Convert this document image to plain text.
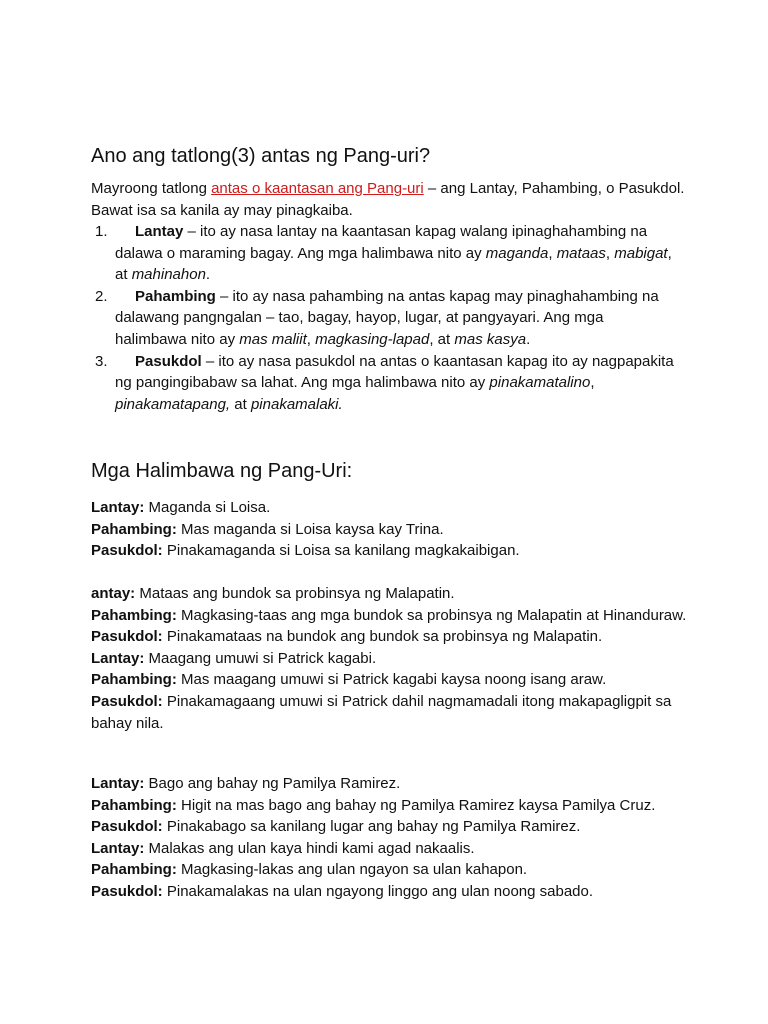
Ano ang tatlong(3) antas ng Pang-uri?
Mayroong tatlong antas o kaantasan ang Pang-uri – ang Lantay, Pahambing, o Pasukdol. Bawat isa sa kanila ay may pinagkaiba.
1. Lantay – ito ay nasa lantay na kaantasan kapag walang ipinaghahambing na dalawa o maraming bagay. Ang mga halimbawa nito ay maganda, mataas, mabigat, at mahinahon.
2. Pahambing – ito ay nasa pahambing na antas kapag may pinaghahambing na dalawang pangngalan – tao, bagay, hayop, lugar, at pangyayari. Ang mga halimbawa nito ay mas maliit, magkasing-lapad, at mas kasya.
3. Pasukdol – ito ay nasa pasukdol na antas o kaantasan kapag ito ay nagpapakita ng pangingibabaw sa lahat. Ang mga halimbawa nito ay pinakamatalino, pinakamatapang, at pinakamalaki.
Mga Halimbawa ng Pang-Uri:

Lantay: Maganda si Loisa.

Pahambing: Mas maganda si Loisa kaysa kay Trina.

Pasukdol: Pinakamaganda si Loisa sa kanilang magkakaibigan.

antay: Mataas ang bundok sa probinsya ng Malapatin.

Pahambing: Magkasing-taas ang mga bundok sa probinsya ng Malapatin at Hinanduraw.

Pasukdol: Pinakamataas na bundok ang bundok sa probinsya ng Malapatin.

Lantay: Maagang umuwi si Patrick kagabi.

Pahambing: Mas maagang umuwi si Patrick kagabi kaysa noong isang araw.

Pasukdol: Pinakamagaang umuwi si Patrick dahil nagmamadali itong makapagligpit sa bahay nila.

Lantay: Bago ang bahay ng Pamilya Ramirez.

Pahambing: Higit na mas bago ang bahay ng Pamilya Ramirez kaysa Pamilya Cruz.

Pasukdol: Pinakabago sa kanilang lugar ang bahay ng Pamilya Ramirez.

Lantay: Malakas ang ulan kaya hindi kami agad nakaalis.

Pahambing: Magkasing-lakas ang ulan ngayon sa ulan kahapon.

Pasukdol: Pinakamalakas na ulan ngayong linggo ang ulan noong sabado.
